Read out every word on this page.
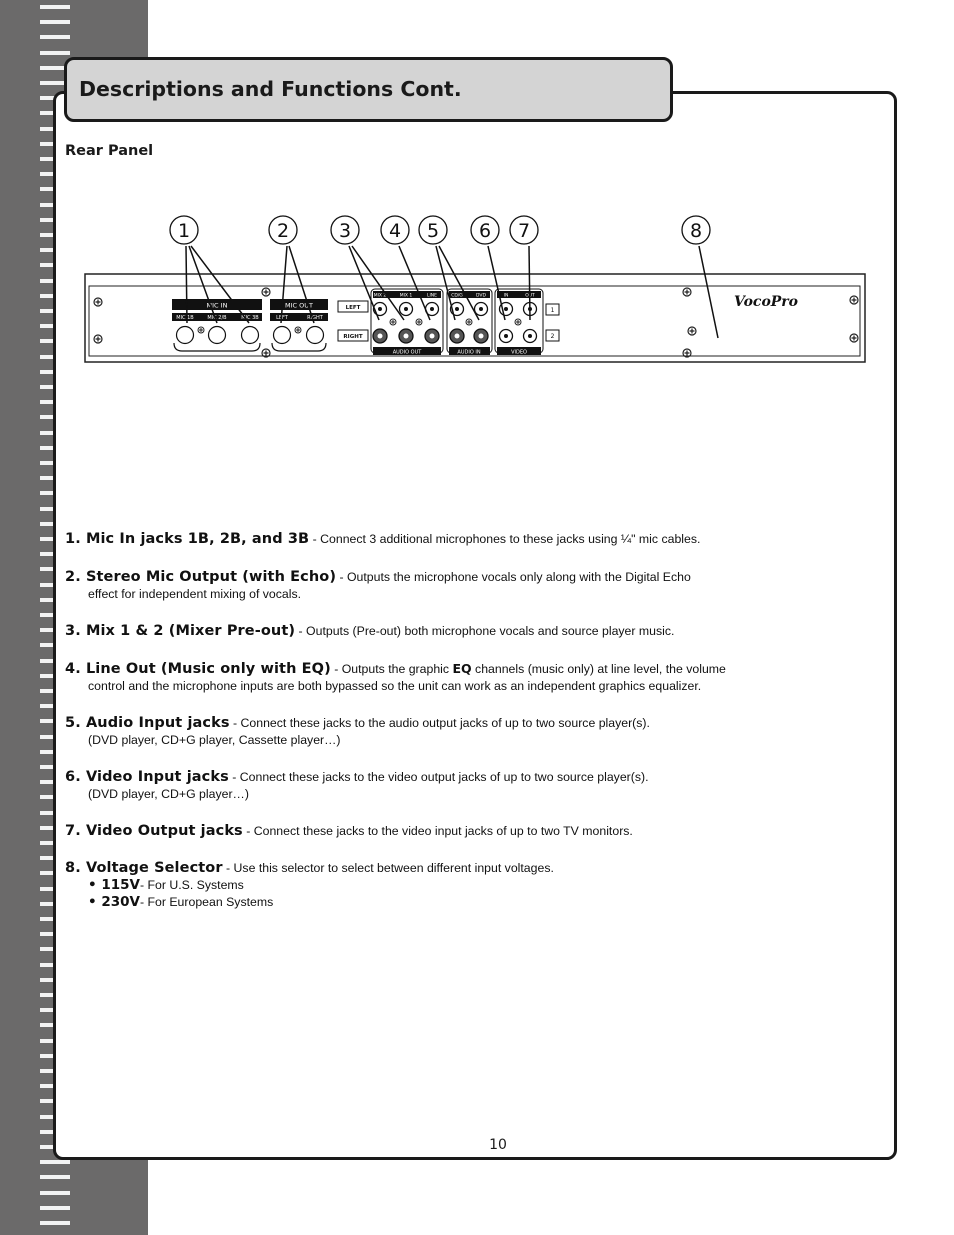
Descriptions and Functions Cont.
Rear Panel
MIC IN
MIC 1B	MIC 2/B	MIC 3B
MIC OUT
LEFT	RIGHT
LEFT
RIGHT
MIX 2	MIX 1	LINE
AUDIO OUT
CD/G	DVD
AUDIO IN
IN	OUT
VIDEO
1
2
VocoPro
1	2	3 4 5 6 7	8
1. Mic In jacks 1B, 2B, and 3B - Connect 3 additional microphones to these jacks using ¼" mic cables.
2. Stereo Mic Output (with Echo) - Outputs the microphone vocals only along with the Digital Echo
effect for independent mixing of vocals.
3. Mix 1 & 2 (Mixer Pre-out) - Outputs (Pre-out) both microphone vocals and source player music.
4. Line Out (Music only with EQ) - Outputs the graphic EQ channels (music only) at line level, the volume
control and the microphone inputs are both bypassed so the unit can work as an independent graphics equalizer.
5. Audio Input jacks - Connect these jacks to the audio output jacks of up to two source player(s).
(DVD player, CD+G player, Cassette player…)
6. Video Input jacks - Connect these jacks to the video output jacks of up to two source player(s).
(DVD player, CD+G player…)
7. Video Output jacks - Connect these jacks to the video input jacks of up to two TV monitors.
8. Voltage Selector - Use this selector to select between different input voltages.
• 115V- For U.S. Systems
• 230V- For European Systems
10
